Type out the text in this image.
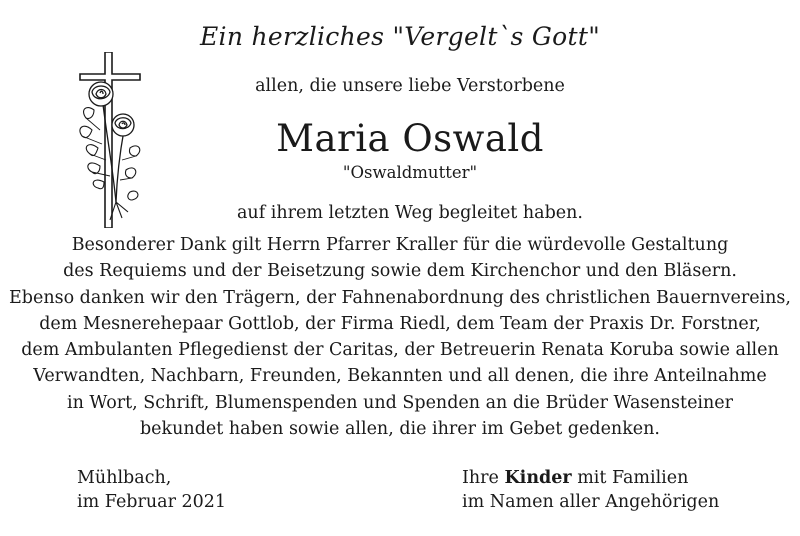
Ein herzliches "Vergelt`s Gott"
allen, die unsere liebe Verstorbene
Maria Oswald
"Oswaldmutter"
auf ihrem letzten Weg begleitet haben.
Besonderer Dank gilt Herrn Pfarrer Kraller für die würdevolle Gestaltung
des Requiems und der Beisetzung sowie dem Kirchenchor und den Bläsern.
Ebenso danken wir den Trägern, der Fahnenabordnung des christlichen Bauernvereins,
dem Mesnerehepaar Gottlob, der Firma Riedl, dem Team der Praxis Dr. Forstner,
dem Ambulanten Pflegedienst der Caritas, der Betreuerin Renata Koruba sowie allen
Verwandten, Nachbarn, Freunden, Bekannten und all denen, die ihre Anteilnahme
in Wort, Schrift, Blumenspenden und Spenden an die Brüder Wasensteiner
bekundet haben sowie allen, die ihrer im Gebet gedenken.
Mühlbach,
im Februar 2021
Ihre Kinder mit Familien
im Namen aller Angehörigen
